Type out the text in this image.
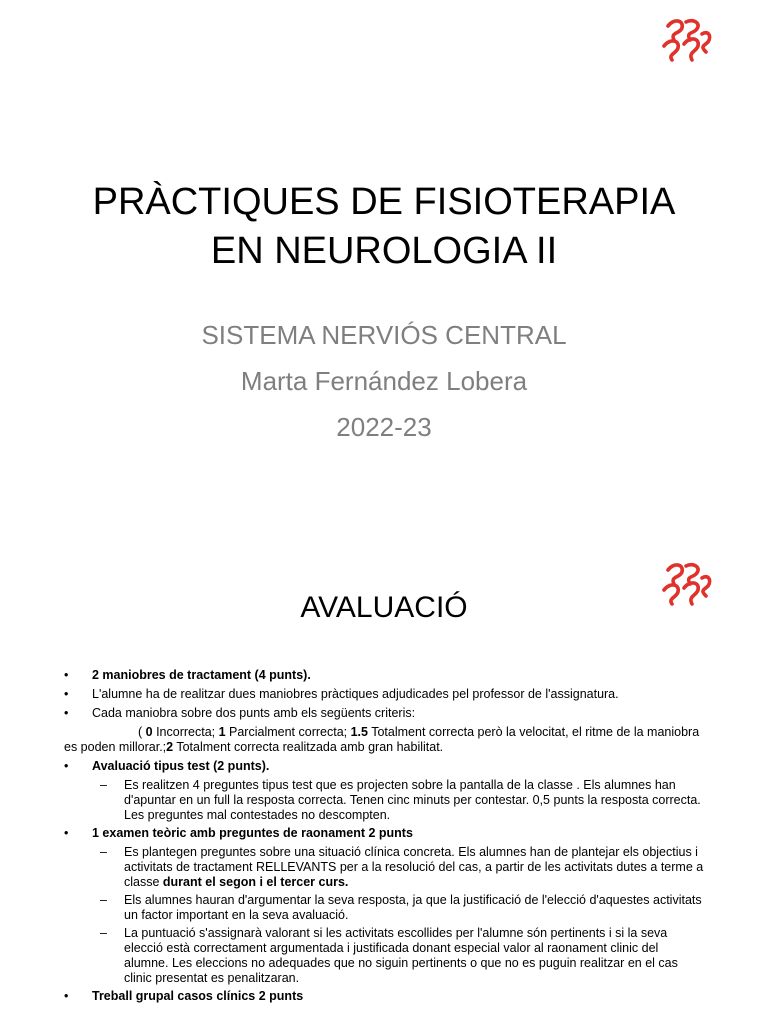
PRÀCTIQUES DE FISIOTERAPIA
EN NEUROLOGIA II
SISTEMA NERVIÓS CENTRAL
Marta Fernández Lobera
2022-23
AVALUACIÓ
• 2 maniobres de tractament (4 punts).
• L'alumne ha de realitzar dues maniobres pràctiques adjudicades pel professor de l'assignatura.
• Cada maniobra sobre dos punts amb els següents criteris:
( 0 Incorrecta; 1 Parcialment correcta; 1.5 Totalment correcta però la velocitat, el ritme de la maniobra es poden millorar.;2 Totalment correcta realitzada amb gran habilitat.
• Avaluació tipus test (2 punts).
– Es realitzen 4 preguntes tipus test que es projecten sobre la pantalla de la classe . Els alumnes han d'apuntar en un full la resposta correcta. Tenen cinc minuts per contestar. 0,5 punts la resposta correcta. Les preguntes mal contestades no descompten.
• 1 examen teòric amb preguntes de raonament 2 punts
– Es plantegen preguntes sobre una situació clínica concreta. Els alumnes han de plantejar els objectius i activitats de tractament RELLEVANTS per a la resolució del cas, a partir de les activitats dutes a terme a classe durant el segon i el tercer curs.
– Els alumnes hauran d'argumentar la seva resposta, ja que la justificació de l'elecció d'aquestes activitats un factor important en la seva avaluació.
– La puntuació s'assignarà valorant si les activitats escollides per l'alumne són pertinents i si la seva elecció està correctament argumentada i justificada donant especial valor al raonament clinic del alumne. Les eleccions no adequades que no siguin pertinents o que no es puguin realitzar en el cas clinic presentat es penalitzaran.
• Treball grupal casos clínics 2 punts
